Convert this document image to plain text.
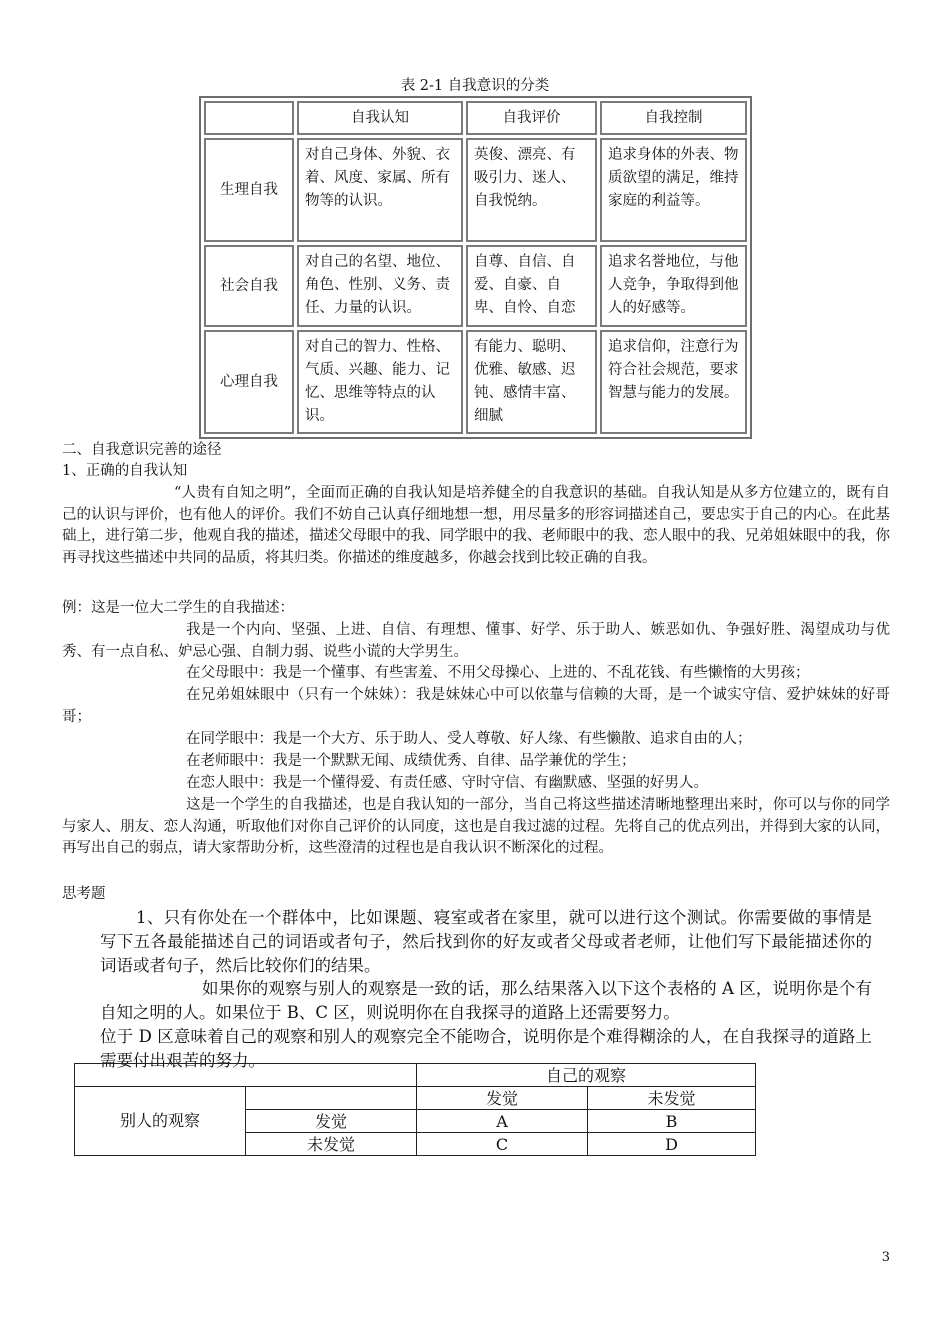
表 2-1 自我意识的分类
	自我认知	自我评价	自我控制
生理自我	对自己身体、外貌、衣着、风度、家属、所有物等的认识。	英俊、漂亮、有吸引力、迷人、自我悦纳。	追求身体的外表、物质欲望的满足，维持家庭的利益等。
社会自我	对自己的名望、地位、角色、性别、义务、责任、力量的认识。	自尊、自信、自爱、自豪、自卑、自怜、自恋	追求名誉地位，与他人竞争，争取得到他人的好感等。
心理自我	对自己的智力、性格、气质、兴趣、能力、记忆、思维等特点的认识。	有能力、聪明、优雅、敏感、迟钝、感情丰富、细腻	追求信仰，注意行为符合社会规范，要求智慧与能力的发展。
二、自我意识完善的途径
1、正确的自我认知
“人贵有自知之明”，全面而正确的自我认知是培养健全的自我意识的基础。自我认知是从多方位建立的，既有自己的认识与评价，也有他人的评价。我们不妨自己认真仔细地想一想，用尽量多的形容词描述自己，要忠实于自己的内心。在此基础上，进行第二步，他观自我的描述，描述父母眼中的我、同学眼中的我、老师眼中的我、恋人眼中的我、兄弟姐妹眼中的我，你再寻找这些描述中共同的品质，将其归类。你描述的维度越多，你越会找到比较正确的自我。
例：这是一位大二学生的自我描述：
我是一个内向、坚强、上进、自信、有理想、懂事、好学、乐于助人、嫉恶如仇、争强好胜、渴望成功与优秀、有一点自私、妒忌心强、自制力弱、说些小谎的大学男生。
在父母眼中：我是一个懂事、有些害羞、不用父母操心、上进的、不乱花钱、有些懒惰的大男孩；
在兄弟姐妹眼中（只有一个妹妹）：我是妹妹心中可以依靠与信赖的大哥，是一个诚实守信、爱护妹妹的好哥哥；
在同学眼中：我是一个大方、乐于助人、受人尊敬、好人缘、有些懒散、追求自由的人；
在老师眼中：我是一个默默无闻、成绩优秀、自律、品学兼优的学生；
在恋人眼中：我是一个懂得爱、有责任感、守时守信、有幽默感、坚强的好男人。
这是一个学生的自我描述，也是自我认知的一部分，当自己将这些描述清晰地整理出来时，你可以与你的同学与家人、朋友、恋人沟通，听取他们对你自己评价的认同度，这也是自我过滤的过程。先将自己的优点列出，并得到大家的认同，再写出自己的弱点，请大家帮助分析，这些澄清的过程也是自我认识不断深化的过程。
思考题
1、只有你处在一个群体中，比如课题、寝室或者在家里，就可以进行这个测试。你需要做的事情是写下五各最能描述自己的词语或者句子，然后找到你的好友或者父母或者老师，让他们写下最能描述你的词语或者句子，然后比较你们的结果。
如果你的观察与别人的观察是一致的话，那么结果落入以下这个表格的 A 区，说明你是个有自知之明的人。如果位于 B、C 区，则说明你在自我探寻的道路上还需要努力。
位于 D 区意味着自己的观察和别人的观察完全不能吻合，说明你是个难得糊涂的人，在自我探寻的道路上需要付出艰苦的努力。
		自己的观察	
别人的观察		发觉	未发觉
	发觉	A	B
	未发觉	C	D
3
